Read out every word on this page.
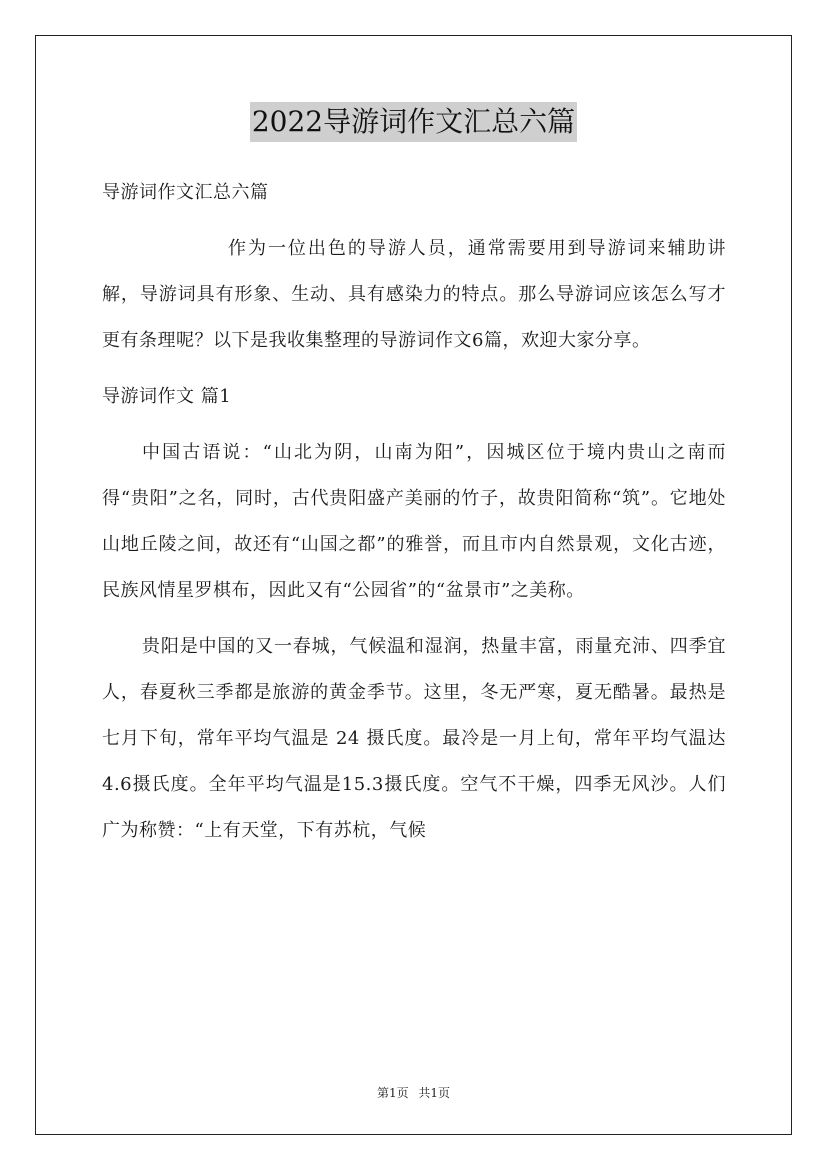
2022导游词作文汇总六篇

导游词作文汇总六篇

作为一位出色的导游人员，通常需要用到导游词来辅助讲解，导游词具有形象、生动、具有感染力的特点。那么导游词应该怎么写才更有条理呢？以下是我收集整理的导游词作文6篇，欢迎大家分享。

导游词作文 篇1

中国古语说：“山北为阴，山南为阳”，因城区位于境内贵山之南而得“贵阳”之名，同时，古代贵阳盛产美丽的竹子，故贵阳简称“筑”。它地处山地丘陵之间，故还有“山国之都”的雅誉，而且市内自然景观，文化古迹，民族风情星罗棋布，因此又有“公园省”的“盆景市”之美称。

贵阳是中国的又一春城，气候温和湿润，热量丰富，雨量充沛、四季宜人，春夏秋三季都是旅游的黄金季节。这里，冬无严寒，夏无酷暑。最热是七月下旬，常年平均气温是 24 摄氏度。最冷是一月上旬，常年平均气温达4.6摄氏度。全年平均气温是15.3摄氏度。空气不干燥，四季无风沙。人们广为称赞：“上有天堂，下有苏杭，气候

第1页 共1页
